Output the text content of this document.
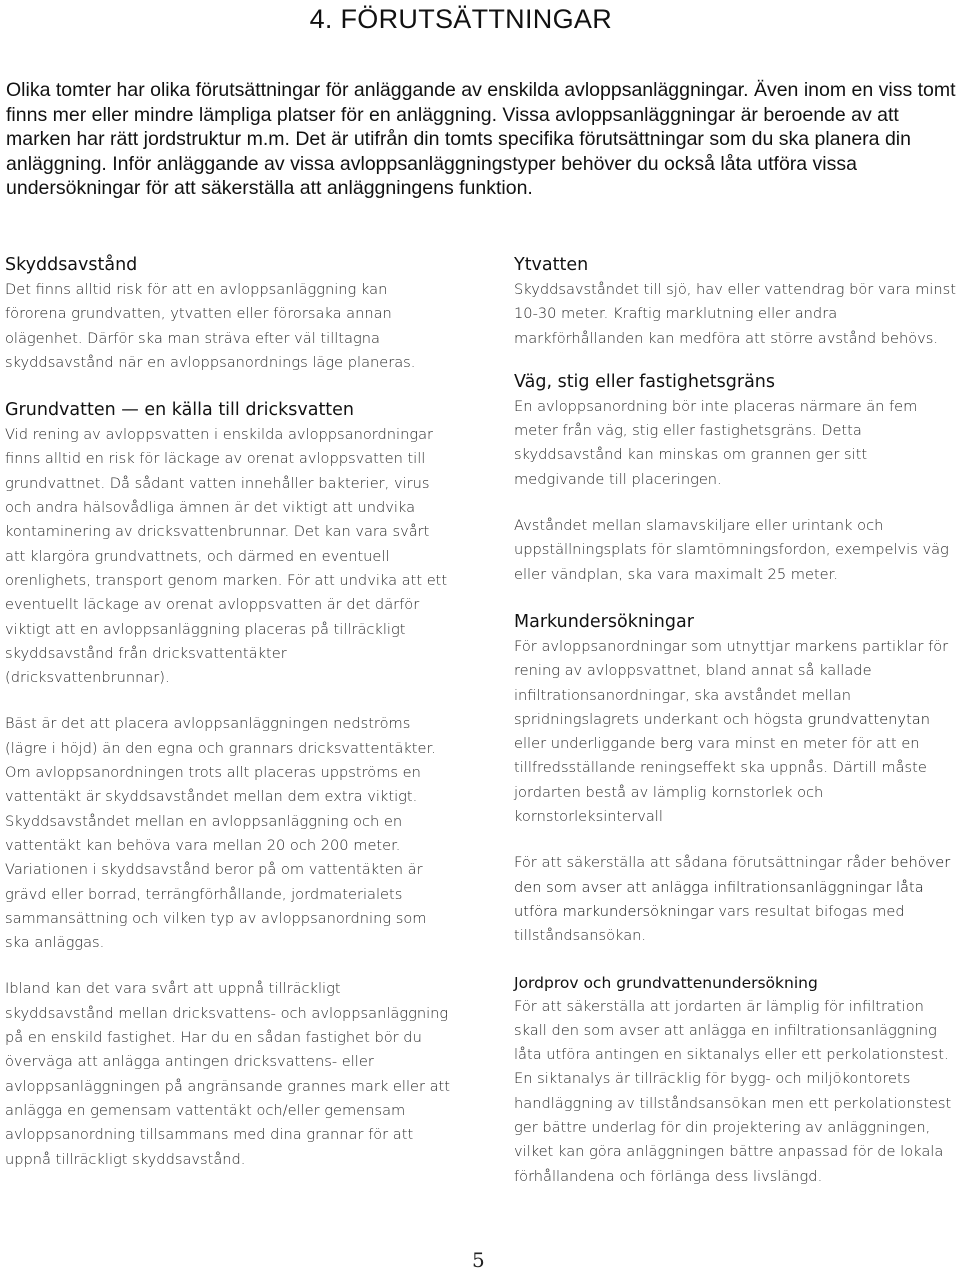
4. FÖRUTSÄTTNINGAR

Olika tomter har olika förutsättningar för anläggande av enskilda avloppsanläggningar. Även inom en viss tomt finns mer eller mindre lämpliga platser för en anläggning. Vissa avloppsanläggningar är beroende av att marken har rätt jordstruktur m.m. Det är utifrån din tomts specifika förutsättningar som du ska planera din anläggning. Inför anläggande av vissa avloppsanläggningstyper behöver du också låta utföra vissa undersökningar för att säkerställa att anläggningens funktion.

Skyddsavstånd

Det finns alltid risk för att en avloppsanläggning kan förorena grundvatten, ytvatten eller förorsaka annan olägenhet. Därför ska man sträva efter väl tilltagna skyddsavstånd när en avloppsanordnings läge planeras.

Grundvatten — en källa till dricksvatten

Vid rening av avloppsvatten i enskilda avloppsanordningar finns alltid en risk för läckage av orenat avloppsvatten till grundvattnet. Då sådant vatten innehåller bakterier, virus och andra hälsovådliga ämnen är det viktigt att undvika kontaminering av dricksvattenbrunnar. Det kan vara svårt att klargöra grundvattnets, och därmed en eventuell orenlighets, transport genom marken. För att undvika att ett eventuellt läckage av orenat avloppsvatten är det därför viktigt att en avloppsanläggning placeras på tillräckligt skyddsavstånd från dricksvattentäkter (dricksvattenbrunnar).

Bäst är det att placera avloppsanläggningen nedströms (lägre i höjd) än den egna och grannars dricksvattentäkter. Om avloppsanordningen trots allt placeras uppströms en vattentäkt är skyddsavståndet mellan dem extra viktigt. Skyddsavståndet mellan en avloppsanläggning och en vattentäkt kan behöva vara mellan 20 och 200 meter. Variationen i skyddsavstånd beror på om vattentäkten är grävd eller borrad, terrängförhållande, jordmaterialets sammansättning och vilken typ av avloppsanordning som ska anläggas.

Ibland kan det vara svårt att uppnå tillräckligt skyddsavstånd mellan dricksvattens- och avloppsanläggning på en enskild fastighet. Har du en sådan fastighet bör du överväga att anlägga antingen dricksvattens- eller avloppsanläggningen på angränsande grannes mark eller att anlägga en gemensam vattentäkt och/eller gemensam avloppsanordning tillsammans med dina grannar för att uppnå tillräckligt skyddsavstånd.

Ytvatten

Skyddsavståndet till sjö, hav eller vattendrag bör vara minst 10-30 meter. Kraftig marklutning eller andra markförhållanden kan medföra att större avstånd behövs.

Väg, stig eller fastighetsgräns

En avloppsanordning bör inte placeras närmare än fem meter från väg, stig eller fastighetsgräns. Detta skyddsavstånd kan minskas om grannen ger sitt medgivande till placeringen.

Avståndet mellan slamavskiljare eller urintank och uppställningsplats för slamtömningsfordon, exempelvis väg eller vändplan, ska vara maximalt 25 meter.

Markundersökningar

För avloppsanordningar som utnyttjar markens partiklar för rening av avloppsvattnet, bland annat så kallade infiltrationsanordningar, ska avståndet mellan spridningslagrets underkant och högsta grundvattenytan eller underliggande berg vara minst en meter för att en tillfredsställande reningseffekt ska uppnås. Därtill måste jordarten bestå av lämplig kornstorlek och kornstorleksintervall

För att säkerställa att sådana förutsättningar råder behöver den som avser att anlägga infiltrationsanläggningar låta utföra markundersökningar vars resultat bifogas med tillståndsansökan.

Jordprov och grundvattenundersökning

För att säkerställa att jordarten är lämplig för infiltration skall den som avser att anlägga en infiltrationsanläggning låta utföra antingen en siktanalys eller ett perkolationstest. En siktanalys är tillräcklig för bygg- och miljökontorets handläggning av tillståndsansökan men ett perkolationstest ger bättre underlag för din projektering av anläggningen, vilket kan göra anläggningen bättre anpassad för de lokala förhållandena och förlänga dess livslängd.

5
